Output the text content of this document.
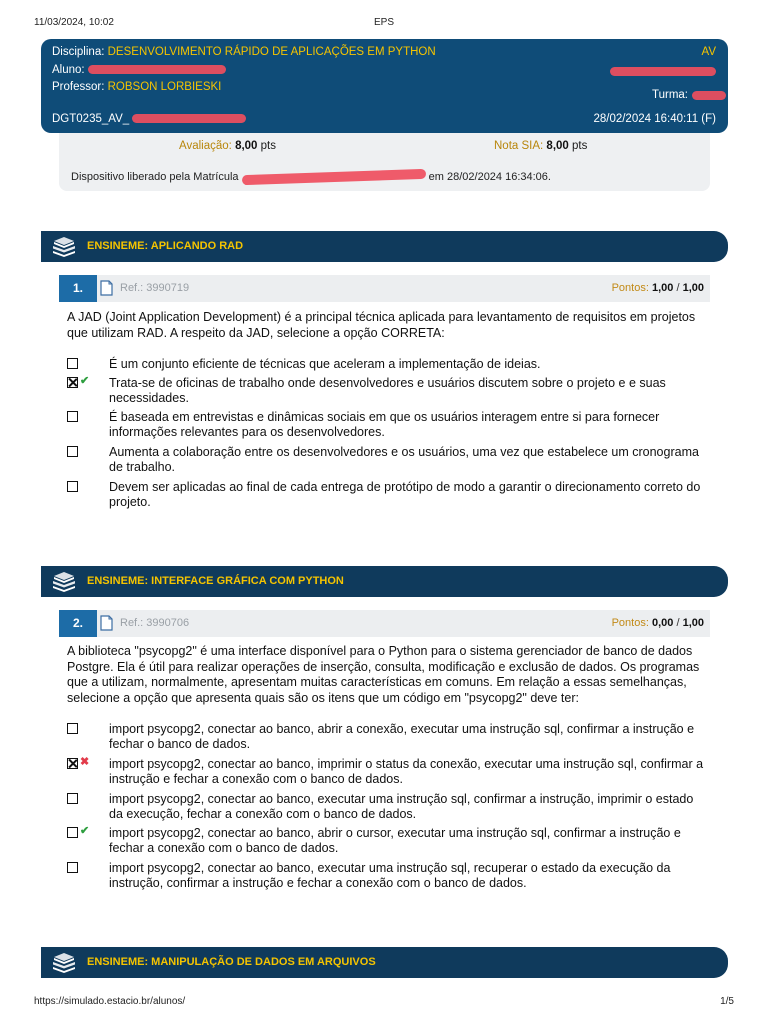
11/03/2024, 10:02	EPS
Disciplina: DESENVOLVIMENTO RÁPIDO DE APLICAÇÕES EM PYTHON	AV
Aluno:
Professor: ROBSON LORBIESKI
Turma:
DGT0235_AV_	28/02/2024 16:40:11 (F)
Avaliação: 8,00 pts	Nota SIA: 8,00 pts
Dispositivo liberado pela Matrícula	em 28/02/2024 16:34:06.
ENSINEME: APLICANDO RAD
1.	Ref.: 3990719	Pontos: 1,00 / 1,00
A JAD (Joint Application Development) é a principal técnica aplicada para levantamento de requisitos em projetos que utilizam RAD. A respeito da JAD, selecione a opção CORRETA:
É um conjunto eficiente de técnicas que aceleram a implementação de ideias.
✔ Trata-se de oficinas de trabalho onde desenvolvedores e usuários discutem sobre o projeto e e suas necessidades.
É baseada em entrevistas e dinâmicas sociais em que os usuários interagem entre si para fornecer informações relevantes para os desenvolvedores.
Aumenta a colaboração entre os desenvolvedores e os usuários, uma vez que estabelece um cronograma de trabalho.
Devem ser aplicadas ao final de cada entrega de protótipo de modo a garantir o direcionamento correto do projeto.
ENSINEME: INTERFACE GRÁFICA COM PYTHON
2.	Ref.: 3990706	Pontos: 0,00 / 1,00
A biblioteca "psycopg2" é uma interface disponível para o Python para o sistema gerenciador de banco de dados Postgre. Ela é útil para realizar operações de inserção, consulta, modificação e exclusão de dados. Os programas que a utilizam, normalmente, apresentam muitas características em comuns. Em relação a essas semelhanças, selecione a opção que apresenta quais são os itens que um código em "psycopg2" deve ter:
import psycopg2, conectar ao banco, abrir a conexão, executar uma instrução sql, confirmar a instrução e fechar o banco de dados.
✖ import psycopg2, conectar ao banco, imprimir o status da conexão, executar uma instrução sql, confirmar a instrução e fechar a conexão com o banco de dados.
import psycopg2, conectar ao banco, executar uma instrução sql, confirmar a instrução, imprimir o estado da execução, fechar a conexão com o banco de dados.
✔ import psycopg2, conectar ao banco, abrir o cursor, executar uma instrução sql, confirmar a instrução e fechar a conexão com o banco de dados.
import psycopg2, conectar ao banco, executar uma instrução sql, recuperar o estado da execução da instrução, confirmar a instrução e fechar a conexão com o banco de dados.
ENSINEME: MANIPULAÇÃO DE DADOS EM ARQUIVOS
https://simulado.estacio.br/alunos/	1/5
